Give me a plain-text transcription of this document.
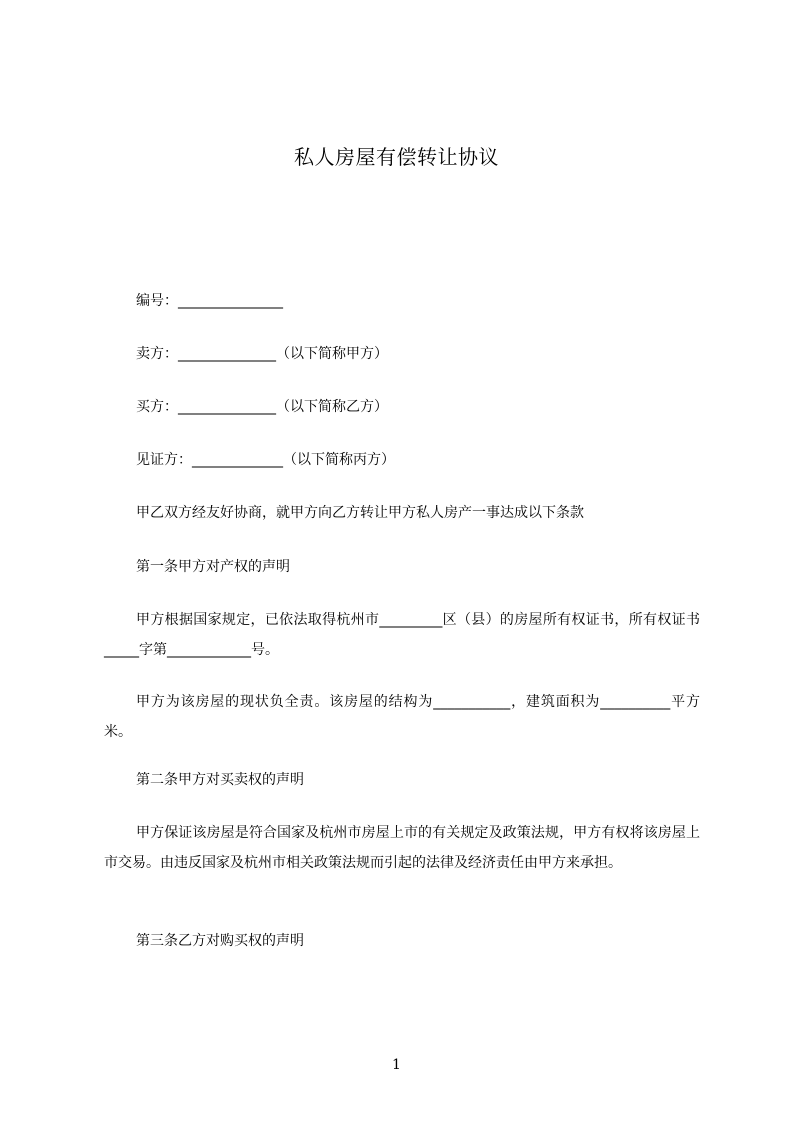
私人房屋有偿转让协议
编号：_______________
卖方：______________（以下简称甲方）
买方：______________（以下简称乙方）
见证方：_____________（以下简称丙方）
甲乙双方经友好协商，就甲方向乙方转让甲方私人房产一事达成以下条款
第一条甲方对产权的声明
甲方根据国家规定，已依法取得杭州市_________区（县）的房屋所有权证书，所有权证书_____字第____________号。
甲方为该房屋的现状负全责。该房屋的结构为___________，建筑面积为__________平方米。
第二条甲方对买卖权的声明
甲方保证该房屋是符合国家及杭州市房屋上市的有关规定及政策法规，甲方有权将该房屋上市交易。由违反国家及杭州市相关政策法规而引起的法律及经济责任由甲方来承担。
第三条乙方对购买权的声明
1
